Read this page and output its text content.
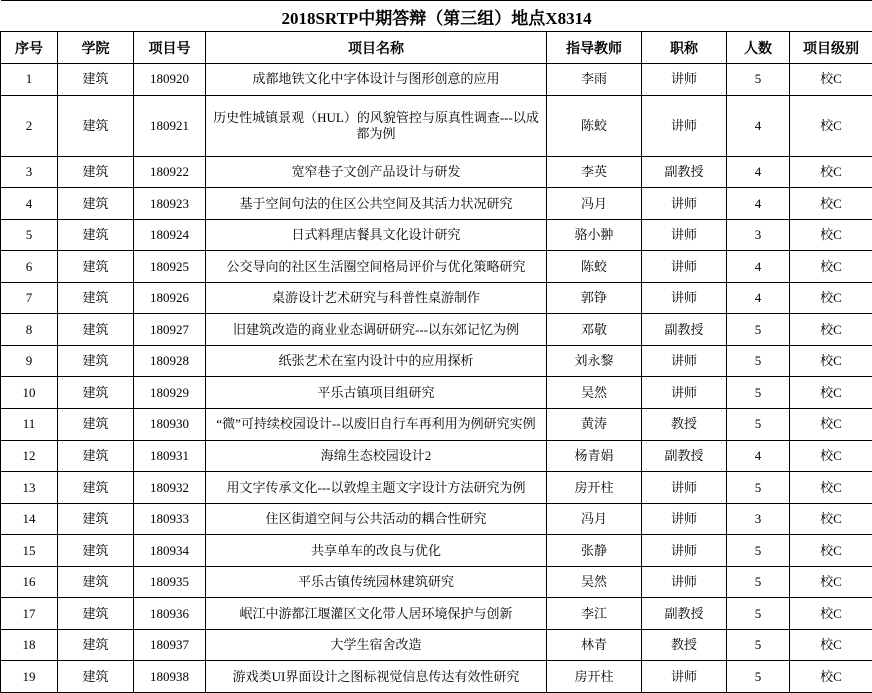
2018SRTP中期答辩（第三组）地点X8314							
序号	学院	项目号	项目名称	指导教师	职称	人数	项目级别
1	建筑	180920	成都地铁文化中字体设计与图形创意的应用	李雨	讲师	5	校C
2	建筑	180921	历史性城镇景观（HUL）的风貌管控与原真性调查---以成都为例	陈蛟	讲师	4	校C
3	建筑	180922	宽窄巷子文创产品设计与研发	李英	副教授	4	校C
4	建筑	180923	基于空间句法的住区公共空间及其活力状况研究	冯月	讲师	4	校C
5	建筑	180924	日式料理店餐具文化设计研究	骆小翀	讲师	3	校C
6	建筑	180925	公交导向的社区生活圈空间格局评价与优化策略研究	陈蛟	讲师	4	校C
7	建筑	180926	桌游设计艺术研究与科普性桌游制作	郭铮	讲师	4	校C
8	建筑	180927	旧建筑改造的商业业态调研研究---以东郊记忆为例	邓敬	副教授	5	校C
9	建筑	180928	纸张艺术在室内设计中的应用探析	刘永黎	讲师	5	校C
10	建筑	180929	平乐古镇项目组研究	吴然	讲师	5	校C
11	建筑	180930	“微”可持续校园设计--以废旧自行车再利用为例研究实例	黄涛	教授	5	校C
12	建筑	180931	海绵生态校园设计2	杨青娟	副教授	4	校C
13	建筑	180932	用文字传承文化---以敦煌主题文字设计方法研究为例	房开柱	讲师	5	校C
14	建筑	180933	住区街道空间与公共活动的耦合性研究	冯月	讲师	3	校C
15	建筑	180934	共享单车的改良与优化	张静	讲师	5	校C
16	建筑	180935	平乐古镇传统园林建筑研究	吴然	讲师	5	校C
17	建筑	180936	岷江中游都江堰灌区文化带人居环境保护与创新	李江	副教授	5	校C
18	建筑	180937	大学生宿舍改造	林青	教授	5	校C
19	建筑	180938	游戏类UI界面设计之图标视觉信息传达有效性研究	房开柱	讲师	5	校C
